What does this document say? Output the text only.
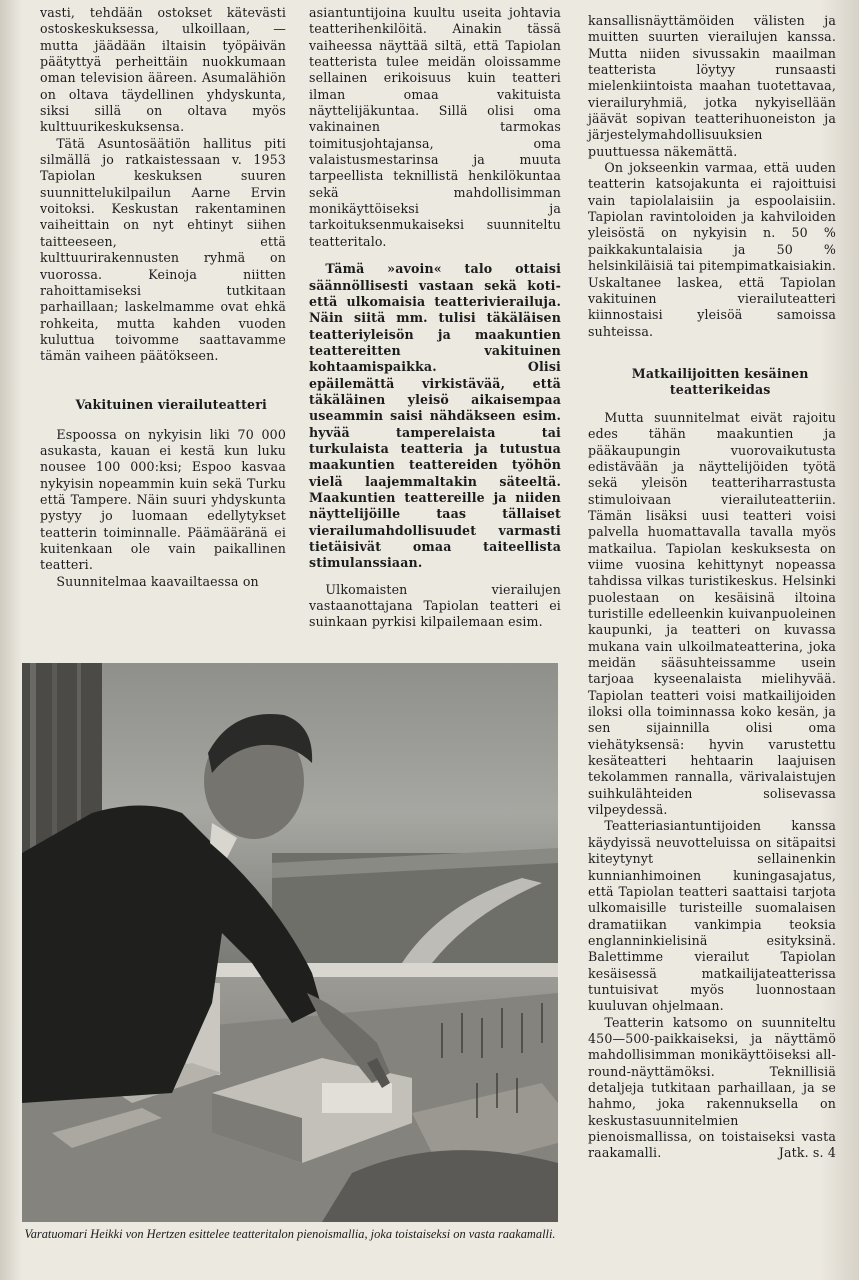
vasti, tehdään ostokset kätevästi ostoskeskuksessa, ulkoillaan, — mutta jäädään iltaisin työpäivän päätyttyä perheittäin nuokkumaan oman television ääreen. Asumalähiön on oltava täydellinen yhdyskunta, siksi sillä on oltava myös kulttuurikeskuksensa.

Tätä Asuntosäätiön hallitus piti silmällä jo ratkaistessaan v. 1953 Tapiolan keskuksen suuren suunnittelukilpailun Aarne Ervin voitoksi. Keskustan rakentaminen vaiheittain on nyt ehtinyt siihen taitteeseen, että kulttuurirakennusten ryhmä on vuorossa. Keinoja niitten rahoittamiseksi tutkitaan parhaillaan; laskelmamme ovat ehkä rohkeita, mutta kahden vuoden kuluttua toivomme saattavamme tämän vaiheen päätökseen.

Vakituinen vierailuteatteri

Espoossa on nykyisin liki 70 000 asukasta, kauan ei kestä kun luku nousee 100 000:ksi; Espoo kasvaa nykyisin nopeammin kuin sekä Turku että Tampere. Näin suuri yhdyskunta pystyy jo luomaan edellytykset teatterin toiminnalle. Päämääränä ei kuitenkaan ole vain paikallinen teatteri.

Suunnitelmaa kaavailtaessa on

asiantuntijoina kuultu useita johtavia teatterihenkilöitä. Ainakin tässä vaiheessa näyttää siltä, että Tapiolan teatterista tulee meidän oloissamme sellainen erikoisuus kuin teatteri ilman omaa vakituista näyttelijäkuntaa. Sillä olisi oma vakinainen tarmokas toimitusjohtajansa, oma valaistusmestarinsa ja muuta tarpeellista teknillistä henkilökuntaa sekä mahdollisimman monikäyttöiseksi ja tarkoituksenmukaiseksi suunniteltu teatteritalo.

Tämä »avoin« talo ottaisi säännöllisesti vastaan sekä koti- että ulkomaisia teatterivierailuja. Näin siitä mm. tulisi täkäläisen teatteriyleisön ja maakuntien teattereitten vakituinen kohtaamispaikka. Olisi epäilemättä virkistävää, että täkäläinen yleisö aikaisempaa useammin saisi nähdäkseen esim. hyvää tamperelaista tai turkulaista teatteria ja tutustua maakuntien teattereiden työhön vielä laajemmaltakin säteeltä. Maakuntien teattereille ja niiden näyttelijöille taas tällaiset vierailumahdollisuudet varmasti tietäisivät omaa taiteellista stimulanssiaan.

Ulkomaisten vierailujen vastaanottajana Tapiolan teatteri ei suinkaan pyrkisi kilpailemaan esim.

kansallisnäyttämöiden välisten ja muitten suurten vierailujen kanssa. Mutta niiden sivussakin maailman teatterista löytyy runsaasti mielenkiintoista maahan tuotettavaa, vierailuryhmiä, jotka nykyisellään jäävät sopivan teatterihuoneiston ja järjestelymahdollisuuksien puuttuessa näkemättä.

On jokseenkin varmaa, että uuden teatterin katsojakunta ei rajoittuisi vain tapiolalaisiin ja espoolaisiin. Tapiolan ravintoloiden ja kahviloiden yleisöstä on nykyisin n. 50 % paikkakuntalaisia ja 50 % helsinkiläisiä tai pitempimatkaisiakin. Uskaltanee laskea, että Tapiolan vakituinen vierailuteatteri kiinnostaisi yleisöä samoissa suhteissa.

Matkailijoitten kesäinen

teatterikeidas

Mutta suunnitelmat eivät rajoitu edes tähän maakuntien ja pääkaupungin vuorovaikutusta edistävään ja näyttelijöiden työtä sekä yleisön teatteriharrastusta stimuloivaan vierailuteatteriin. Tämän lisäksi uusi teatteri voisi palvella huomattavalla tavalla myös matkailua. Tapiolan keskuksesta on viime vuosina kehittynyt nopeassa tahdissa vilkas turistikeskus. Helsinki puolestaan on kesäisinä iltoina turistille edelleenkin kuivanpuoleinen kaupunki, ja teatteri on kuvassa mukana vain ulkoilmateatterina, joka meidän sääsuhteissamme usein tarjoaa kyseenalaista mielihyvää. Tapiolan teatteri voisi matkailijoiden iloksi olla toiminnassa koko kesän, ja sen sijainnilla olisi oma viehätyksensä: hyvin varustettu kesäteatteri hehtaarin laajuisen tekolammen rannalla, värivalaistujen suihkulähteiden solisevassa vilpeydessä.

Teatteriasiantuntijoiden kanssa käydyissä neuvotteluissa on sitäpaitsi kiteytynyt sellainenkin kunnianhimoinen kuningasajatus, että Tapiolan teatteri saattaisi tarjota ulkomaisille turisteille suomalaisen dramatiikan vankimpia teoksia englanninkielisinä esityksinä. Balettimme vierailut Tapiolan kesäisessä matkailijateatterissa tuntuisivat myös luonnostaan kuuluvan ohjelmaan.

Teatterin katsomo on suunniteltu 450—500-paikkaiseksi, ja näyttämö mahdollisimman monikäyttöiseksi all-round-näyttämöksi. Teknillisiä detaljeja tutkitaan parhaillaan, ja se hahmo, joka rakennuksella on keskustasuunnitelmien pienoismallissa, on toistaiseksi vasta raakamalli.	Jatk. s. 4

Varatuomari Heikki von Hertzen esittelee teatteritalon pienoismallia, joka toistaiseksi on vasta raakamalli.
